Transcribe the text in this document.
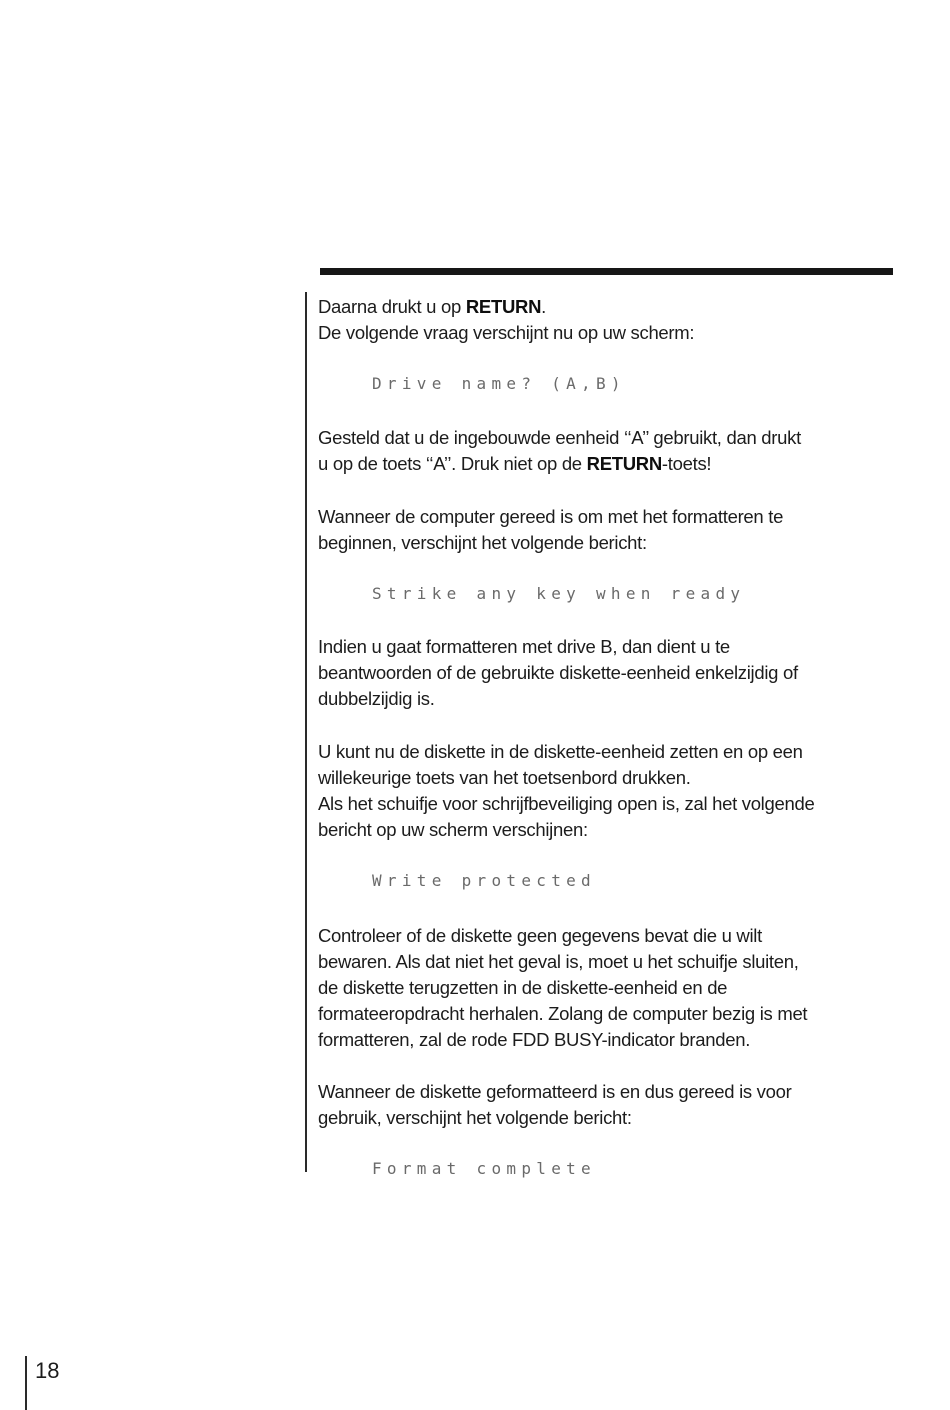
Daarna drukt u op RETURN.
De volgende vraag verschijnt nu op uw scherm:
Drive name? (A,B)
Gesteld dat u de ingebouwde eenheid ‘‘A’’ gebruikt, dan drukt
u op de toets ‘‘A’’. Druk niet op de RETURN-toets!
Wanneer de computer gereed is om met het formatteren te
beginnen, verschijnt het volgende bericht:
Strike any key when ready
Indien u gaat formatteren met drive B, dan dient u te
beantwoorden of de gebruikte diskette-eenheid enkelzijdig of
dubbelzijdig is.
U kunt nu de diskette in de diskette-eenheid zetten en op een
willekeurige toets van het toetsenbord drukken.
Als het schuifje voor schrijfbeveiliging open is, zal het volgende
bericht op uw scherm verschijnen:
Write protected
Controleer of de diskette geen gegevens bevat die u wilt
bewaren. Als dat niet het geval is, moet u het schuifje sluiten,
de diskette terugzetten in de diskette-eenheid en de
formateeropdracht herhalen. Zolang de computer bezig is met
formatteren, zal de rode FDD BUSY-indicator branden.
Wanneer de diskette geformatteerd is en dus gereed is voor
gebruik, verschijnt het volgende bericht:
Format complete
18
